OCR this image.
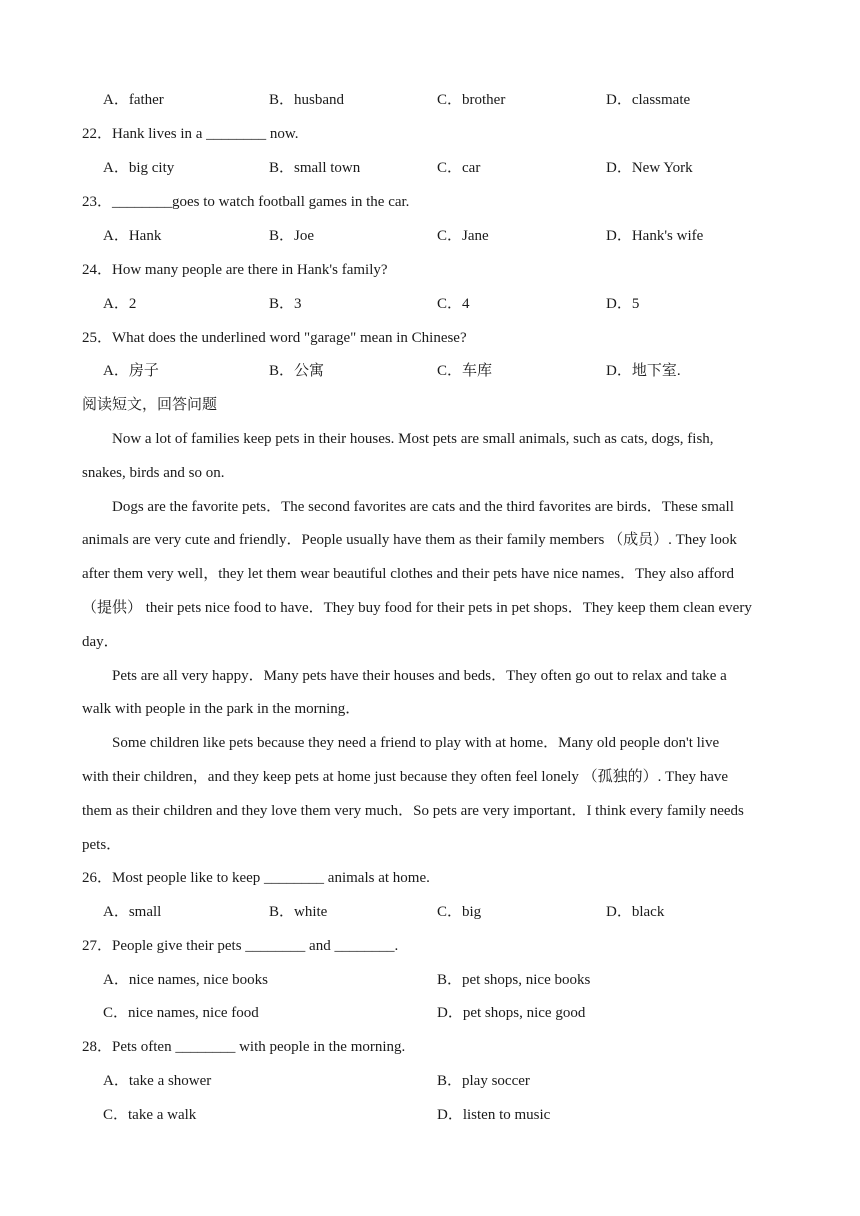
A．father	B．husband	C．brother	D．classmate
22．Hank lives in a ________ now.
A．big city	B．small town	C．car	D．New York
23．________goes to watch football games in the car.
A．Hank	B．Joe	C．Jane	D．Hank's wife
24．How many people are there in Hank's family?
A．2	B．3	C．4	D．5
25．What does the underlined word "garage" mean in Chinese?
A．房子	B．公寓	C．车库	D．地下室.
阅读短文，回答问题
Now a lot of families keep pets in their houses. Most pets are small animals, such as cats, dogs, fish,
snakes, birds and so on.
Dogs are the favorite pets．The second favorites are cats and the third favorites are birds．These small
animals are very cute and friendly．People usually have them as their family members （成员）. They look
after them very well，they let them wear beautiful clothes and their pets have nice names．They also afford
（提供） their pets nice food to have．They buy food for their pets in pet shops．They keep them clean every
day．
Pets are all very happy．Many pets have their houses and beds．They often go out to relax and take a
walk with people in the park in the morning．
Some children like pets because they need a friend to play with at home．Many old people don't live
with their children，and they keep pets at home just because they often feel lonely （孤独的）. They have
them as their children and they love them very much．So pets are very important．I think every family needs
pets．
26．Most people like to keep ________ animals at home.
A．small	B．white	C．big	D．black
27．People give their pets ________ and ________.
A．nice names, nice books	B．pet shops, nice books
C．nice names, nice food	D．pet shops, nice good
28．Pets often ________ with people in the morning.
A．take a shower	B．play soccer
C．take a walk	D．listen to music
